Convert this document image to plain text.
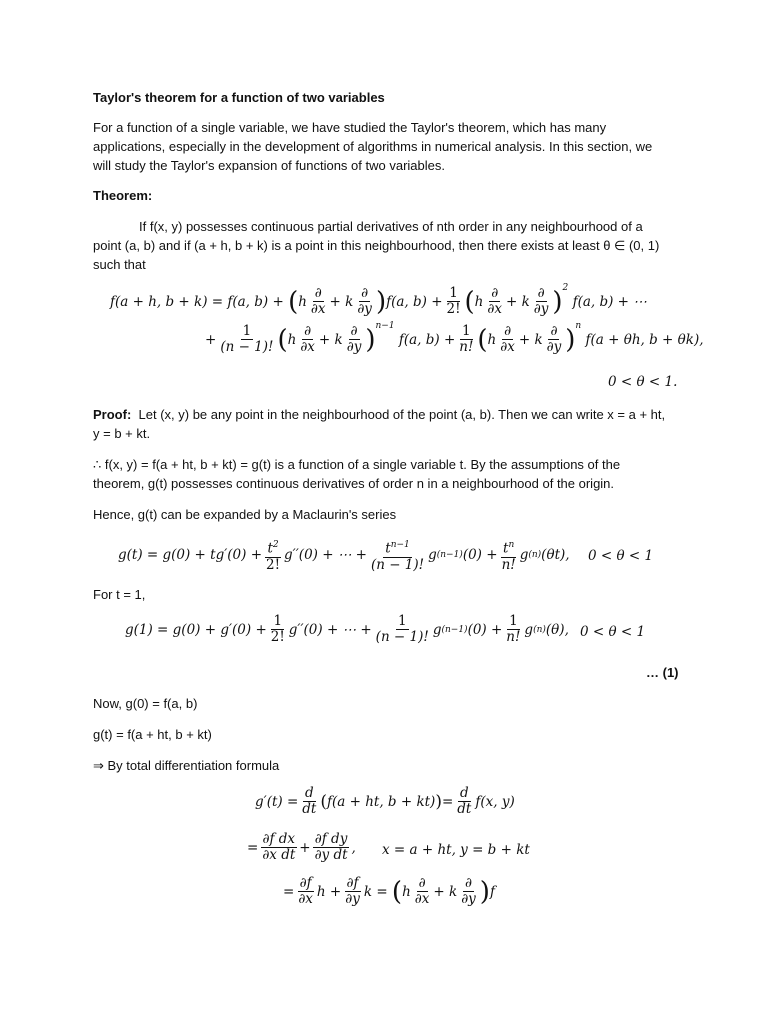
Taylor's theorem for a function of two variables

For a function of a single variable, we have studied the Taylor's theorem, which has many applications, especially in the development of algorithms in numerical analysis. In this section, we will study the Taylor's expansion of functions of two variables.

Theorem:

If f(x, y) possesses continuous partial derivatives of nth order in any neighbourhood of a point (a, b) and if (a + h, b + k) is a point in this neighbourhood, then there exists at least θ ∈ (0, 1) such that

f(a + h, b + k) = f(a, b) + ( h $\frac{\partial}{\partial x} + k \frac{\partial}{\partial y}$ ) f(a, $b) + \frac{1}{2!}$ ( h $\frac{\partial}{\partial x} + k \frac{\partial}{\partial y} )^2$
f(a, b) + ⋯
+ $\frac{1}{(n - 1)!}$ ( h $\frac{\partial}{\partial x} + k \frac{\partial}{\partial y} )^{n-1}$
f(a, $b) + \frac{1}{n!}$ ( h $\frac{\partial}{\partial x} + k \frac{\partial}{\partial y} )^n$
f(a + θh, b + θk),
0 < θ < 1.

Proof: Let (x, y) be any point in the neighbourhood of the point (a, b). Then we can write x = a + ht, y = b + kt.

∴ f(x, y) = f(a + ht, b + kt) = g(t) is a function of a single variable t. By the assumptions of the theorem, g(t) possesses continuous derivatives of order n in a neighbourhood of the origin.

Hence, g(t) can be expanded by a Maclaurin's series

$g(t) = g(0) + tg'(0) + \frac{t^2}{2!} g''(0)$ + ⋯ + $\frac{t^{n-1}}{(n - 1)!}$ g (n−1) $(0) + \frac{t^n}{n!}$ g (n) (θt), 0 < θ < 1

For t = 1,

$g(1) = g(0) + g'(0) + \frac{1}{2!} g''(0)$ + ⋯ + $\frac{1}{(n - 1)!}$ g (n−1) $(0) + \frac{1}{n!}$ g (n) (θ), 0 < θ < 1
… (1)

Now, g(0) = f(a, b)

g(t) = f(a + ht, b + kt)

⇒ By total differentiation formula

$g'(t) = \frac{d}{dt}$ ( f(a + ht, b + kt) ) = $\frac{d}{dt} f(x$, y)
= $\frac{\text{∂f dx}}{\text{∂x dt}} + \frac{\text{∂f dy}}{\text{∂y dt}}$ , x = a + ht, y = b + kt
= $\frac{\partial f}{\partial x}$ $h + \frac{\partial f}{\partial y}$ k = ( h $\frac{\partial}{\partial x} + k \frac{\partial}{\partial y}$ ) f
